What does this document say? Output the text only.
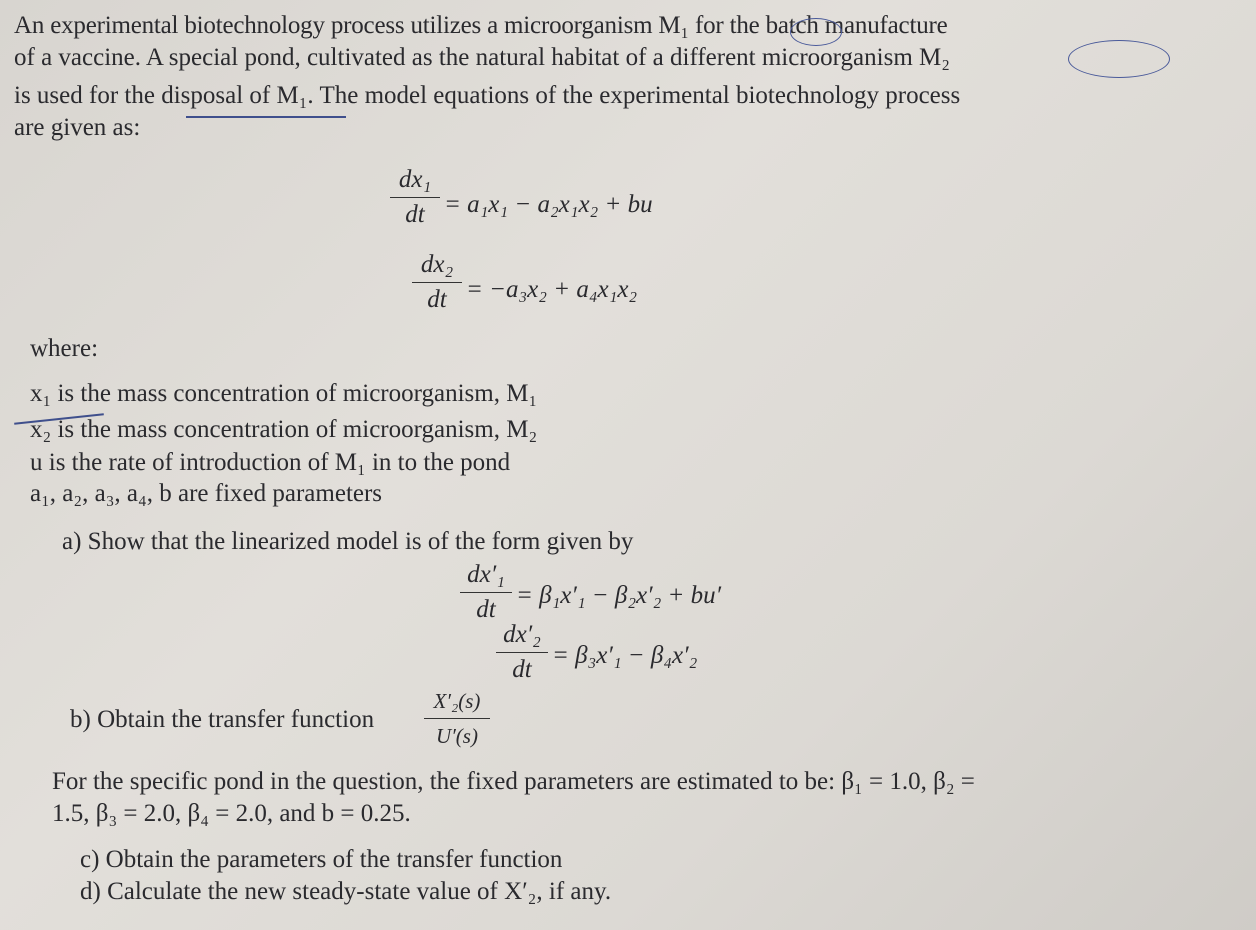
An experimental biotechnology process utilizes a microorganism M₁ for the batch manufacture
of a vaccine. A special pond, cultivated as the natural habitat of a different microorganism M₂
is used for the disposal of M₁. The model equations of the experimental biotechnology process
are given as:
dx₁
dt = a₁x₁ − a₂x₁x₂ + bu
dx₂
dt = −a₃x₂ + a₄x₁x₂
where:
x₁ is the mass concentration of microorganism, M₁
x₂ is the mass concentration of microorganism, M₂
u is the rate of introduction of M₁ in to the pond
a₁, a₂, a₃, a₄, b are fixed parameters
a) Show that the linearized model is of the form given by
dx′₁
dt
= β₁x′₁ − β₂x′₂ + bu′
dx′₂
dt
= β₃x′₁ − β₄x′₂
b) Obtain the transfer function
X′₂(s)
U′(s)
For the specific pond in the question, the fixed parameters are estimated to be: β₁ = 1.0, β₂ =
1.5, β₃ = 2.0, β₄ = 2.0, and b = 0.25.
c) Obtain the parameters of the transfer function
d) Calculate the new steady-state value of X′₂, if any.
